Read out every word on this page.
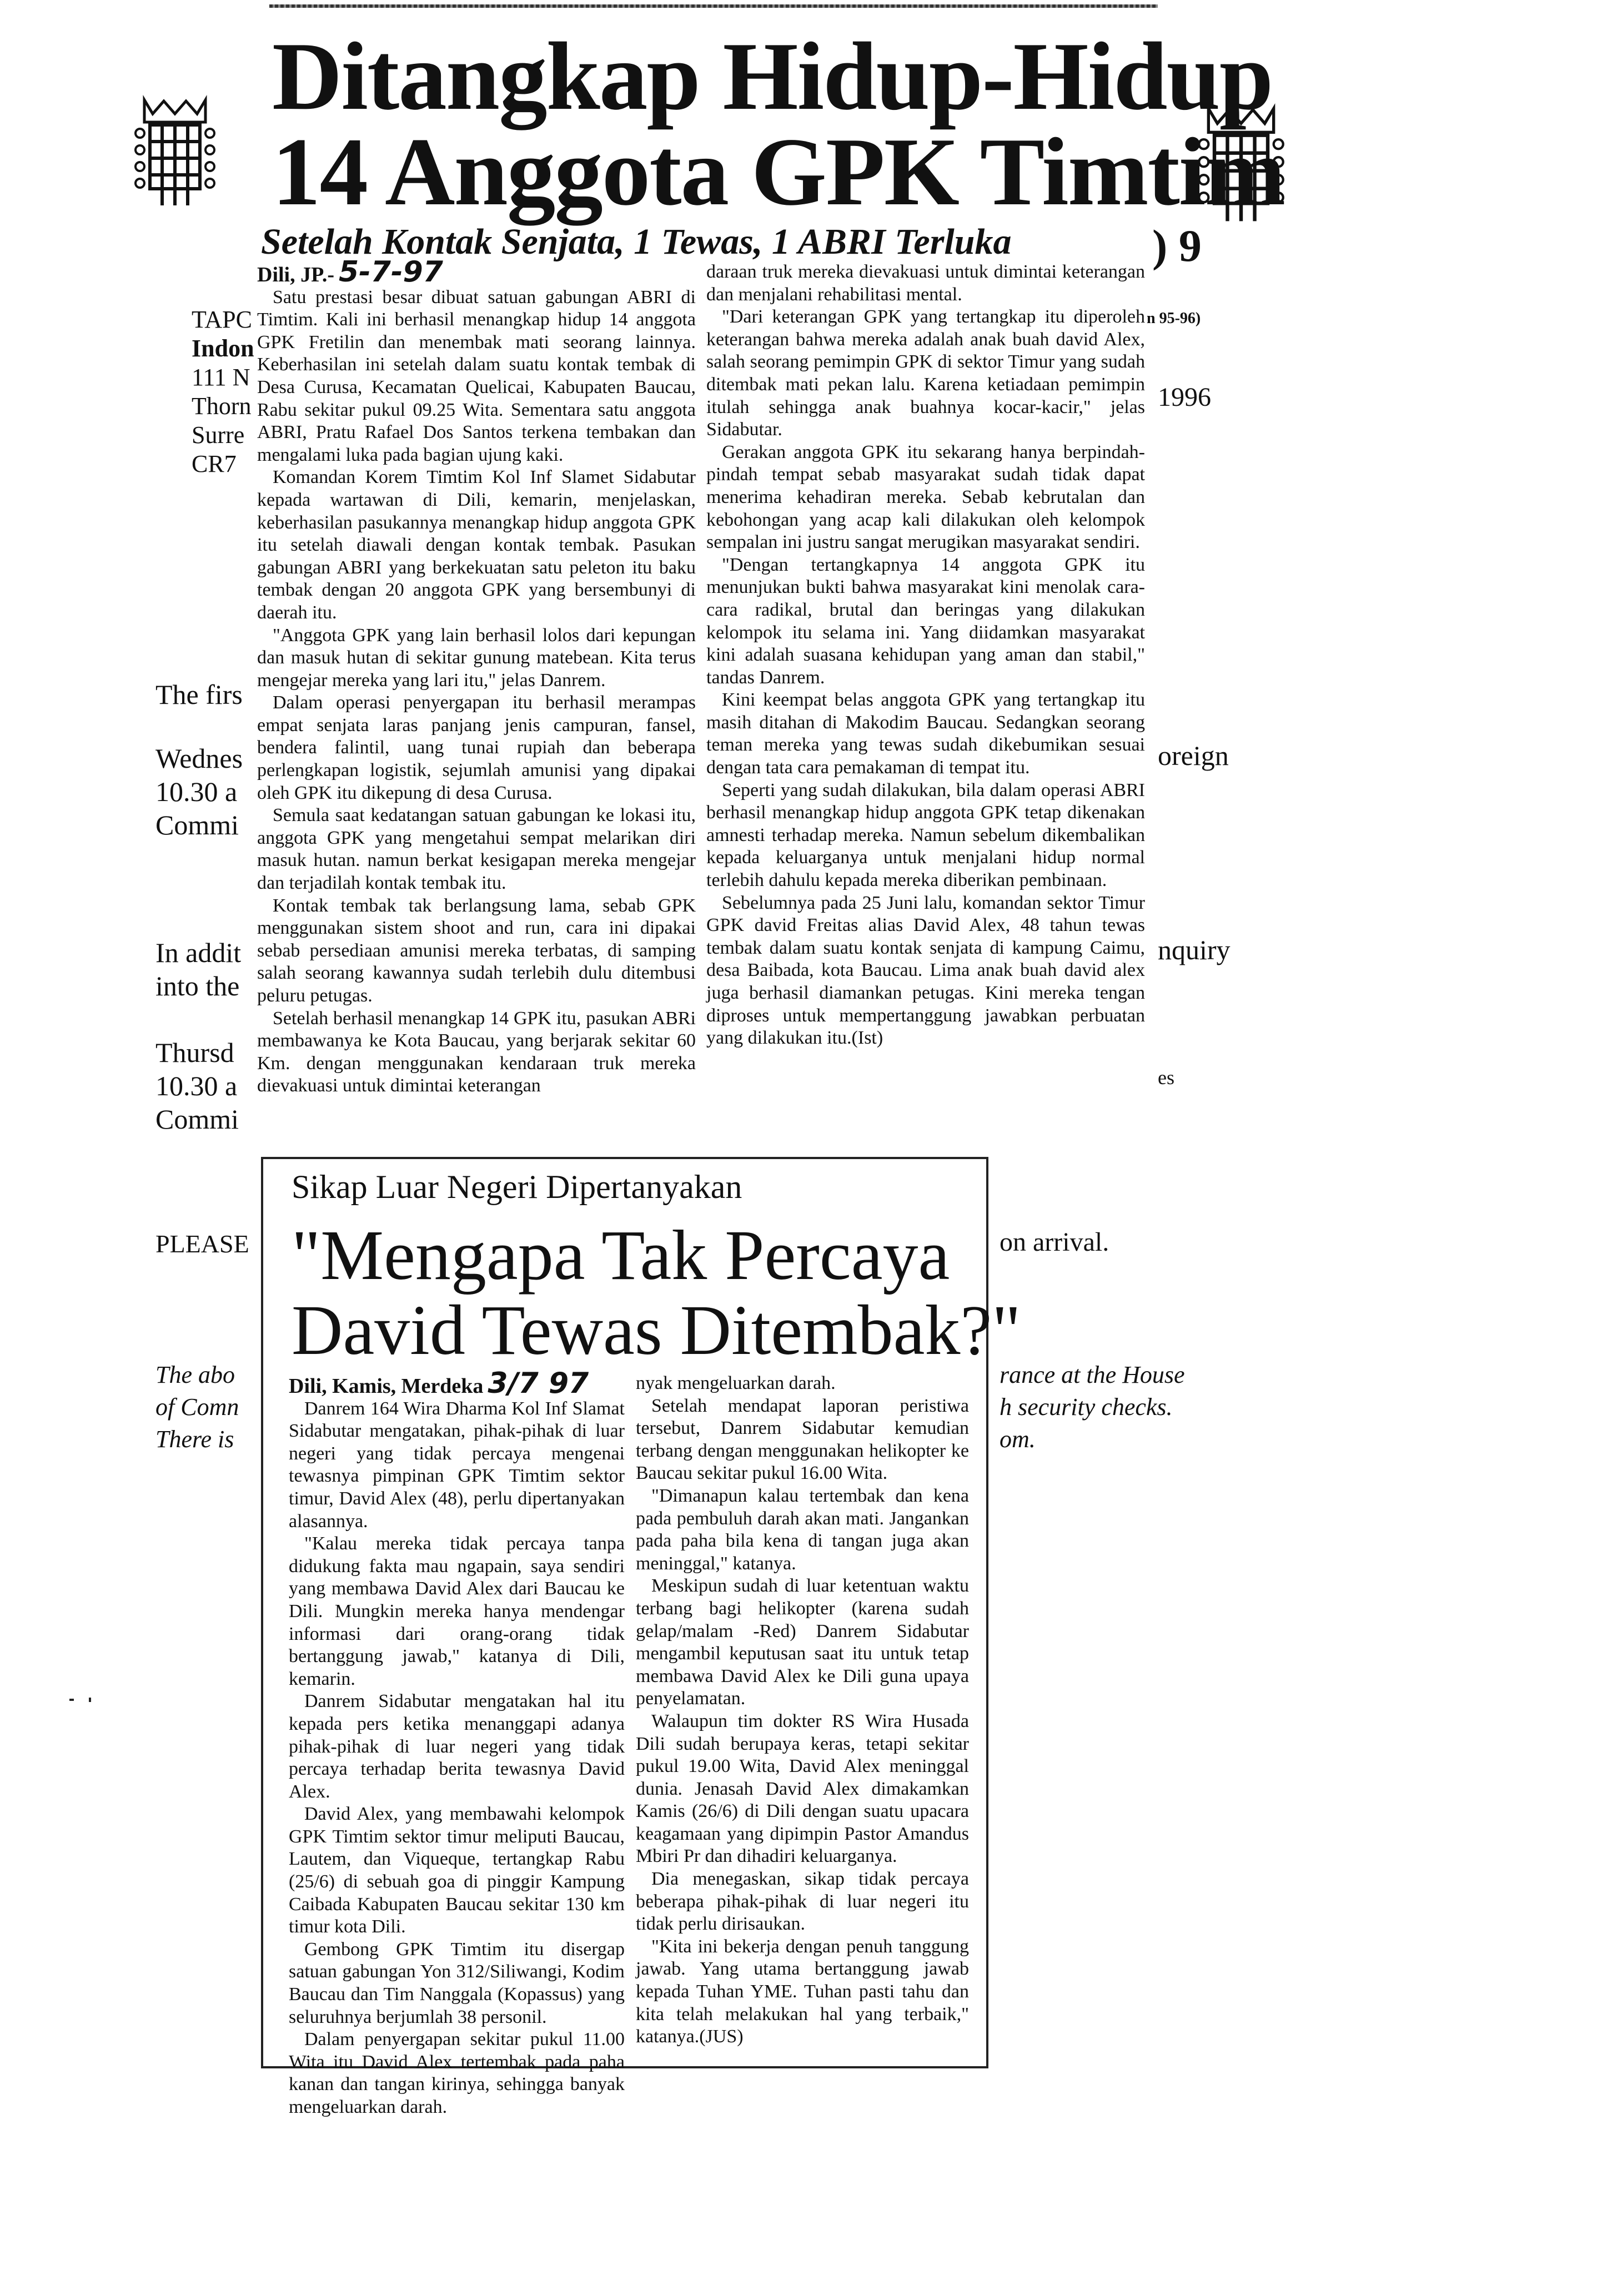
Ditangkap Hidup-Hidup
14 Anggota GPK Timtim
Setelah Kontak Senjata, 1 Tewas, 1 ABRI Terluka	) 9
TAPC
Indon
111 N
Thorn
Surre
CR7
The firs
Wednes
10.30 a
Commi
In addit
into the
Thursd
10.30 a
Commi
PLEASE
The abo
of Comn
There is
n 95-96)
1996
oreign
nquiry
es
on arrival.
rance at the House
h security checks.
om.

Dili, JP.- 5-7-97

Satu prestasi besar dibuat satuan gabungan ABRI di Timtim. Kali ini berhasil menangkap hidup 14 anggota GPK Fretilin dan menembak mati seorang lainnya. Keberhasilan ini setelah dalam suatu kontak tembak di Desa Curusa, Kecamatan Quelicai, Kabupaten Baucau, Rabu sekitar pukul 09.25 Wita. Sementara satu anggota ABRI, Pratu Rafael Dos Santos terkena tembakan dan mengalami luka pada bagian ujung kaki.

Komandan Korem Timtim Kol Inf Slamet Sidabutar kepada wartawan di Dili, kemarin, menjelaskan, keberhasilan pasukannya menangkap hidup anggota GPK itu setelah diawali dengan kontak tembak. Pasukan gabungan ABRI yang berkekuatan satu peleton itu baku tembak dengan 20 anggota GPK yang bersembunyi di daerah itu.

"Anggota GPK yang lain berhasil lolos dari kepungan dan masuk hutan di sekitar gunung matebean. Kita terus mengejar mereka yang lari itu," jelas Danrem.

Dalam operasi penyergapan itu berhasil merampas empat senjata laras panjang jenis campuran, fansel, bendera falintil, uang tunai rupiah dan beberapa perlengkapan logistik, sejumlah amunisi yang dipakai oleh GPK itu dikepung di desa Curusa.

Semula saat kedatangan satuan gabungan ke lokasi itu, anggota GPK yang mengetahui sempat melarikan diri masuk hutan. namun berkat kesigapan mereka mengejar dan terjadilah kontak tembak itu.

Kontak tembak tak berlangsung lama, sebab GPK menggunakan sistem shoot and run, cara ini dipakai sebab persediaan amunisi mereka terbatas, di samping salah seorang kawannya sudah terlebih dulu ditembusi peluru petugas.

Setelah berhasil menangkap 14 GPK itu, pasukan ABRi membawanya ke Kota Baucau, yang berjarak sekitar 60 Km. dengan menggunakan kendaraan truk mereka dievakuasi untuk dimintai keterangan

daraan truk mereka dievakuasi untuk dimintai keterangan dan menjalani rehabilitasi mental.

"Dari keterangan GPK yang tertangkap itu diperoleh keterangan bahwa mereka adalah anak buah david Alex, salah seorang pemimpin GPK di sektor Timur yang sudah ditembak mati pekan lalu. Karena ketiadaan pemimpin itulah sehingga anak buahnya kocar-kacir," jelas Sidabutar.

Gerakan anggota GPK itu sekarang hanya berpindah-pindah tempat sebab masyarakat sudah tidak dapat menerima kehadiran mereka. Sebab kebrutalan dan kebohongan yang acap kali dilakukan oleh kelompok sempalan ini justru sangat merugikan masyarakat sendiri.

"Dengan tertangkapnya 14 anggota GPK itu menunjukan bukti bahwa masyarakat kini menolak cara-cara radikal, brutal dan beringas yang dilakukan kelompok itu selama ini. Yang diidamkan masyarakat kini adalah suasana kehidupan yang aman dan stabil," tandas Danrem.

Kini keempat belas anggota GPK yang tertangkap itu masih ditahan di Makodim Baucau. Sedangkan seorang teman mereka yang tewas sudah dikebumikan sesuai dengan tata cara pemakaman di tempat itu.

Seperti yang sudah dilakukan, bila dalam operasi ABRI berhasil menangkap hidup anggota GPK tetap dikenakan amnesti terhadap mereka. Namun sebelum dikembalikan kepada keluarganya untuk menjalani hidup normal terlebih dahulu kepada mereka diberikan pembinaan.

Sebelumnya pada 25 Juni lalu, komandan sektor Timur GPK david Freitas alias David Alex, 48 tahun tewas tembak dalam suatu kontak senjata di kampung Caimu, desa Baibada, kota Baucau. Lima anak buah david alex juga berhasil diamankan petugas. Kini mereka tengan diproses untuk mempertanggung jawabkan perbuatan yang dilakukan itu.(Ist)

Sikap Luar Negeri Dipertanyakan
"Mengapa Tak Percaya
David Tewas Ditembak?"

Dili, Kamis, Merdeka 3/7 97

Danrem 164 Wira Dharma Kol Inf Slamat Sidabutar mengatakan, pihak-pihak di luar negeri yang tidak percaya mengenai tewasnya pimpinan GPK Timtim sektor timur, David Alex (48), perlu dipertanyakan alasannya.

"Kalau mereka tidak percaya tanpa didukung fakta mau ngapain, saya sendiri yang membawa David Alex dari Baucau ke Dili. Mungkin mereka hanya mendengar informasi dari orang-orang tidak bertanggung jawab," katanya di Dili, kemarin.

Danrem Sidabutar mengatakan hal itu kepada pers ketika menanggapi adanya pihak-pihak di luar negeri yang tidak percaya terhadap berita tewasnya David Alex.

David Alex, yang membawahi kelompok GPK Timtim sektor timur meliputi Baucau, Lautem, dan Viqueque, tertangkap Rabu (25/6) di sebuah goa di pinggir Kampung Caibada Kabupaten Baucau sekitar 130 km timur kota Dili.

Gembong GPK Timtim itu disergap satuan gabungan Yon 312/Siliwangi, Kodim Baucau dan Tim Nanggala (Kopassus) yang seluruhnya berjumlah 38 personil.

Dalam penyergapan sekitar pukul 11.00 Wita itu David Alex tertembak pada paha kanan dan tangan kirinya, sehingga banyak mengeluarkan darah.

nyak mengeluarkan darah.

Setelah mendapat laporan peristiwa tersebut, Danrem Sidabutar kemudian terbang dengan menggunakan helikopter ke Baucau sekitar pukul 16.00 Wita.

"Dimanapun kalau tertembak dan kena pada pembuluh darah akan mati. Jangankan pada paha bila kena di tangan juga akan meninggal," katanya.

Meskipun sudah di luar ketentuan waktu terbang bagi helikopter (karena sudah gelap/malam -Red) Danrem Sidabutar mengambil keputusan saat itu untuk tetap membawa David Alex ke Dili guna upaya penyelamatan.

Walaupun tim dokter RS Wira Husada Dili sudah berupaya keras, tetapi sekitar pukul 19.00 Wita, David Alex meninggal dunia. Jenasah David Alex dimakamkan Kamis (26/6) di Dili dengan suatu upacara keagamaan yang dipimpin Pastor Amandus Mbiri Pr dan dihadiri keluarganya.

Dia menegaskan, sikap tidak percaya beberapa pihak-pihak di luar negeri itu tidak perlu dirisaukan.

"Kita ini bekerja dengan penuh tanggung jawab. Yang utama bertanggung jawab kepada Tuhan YME. Tuhan pasti tahu dan kita telah melakukan hal yang terbaik," katanya.(JUS)
